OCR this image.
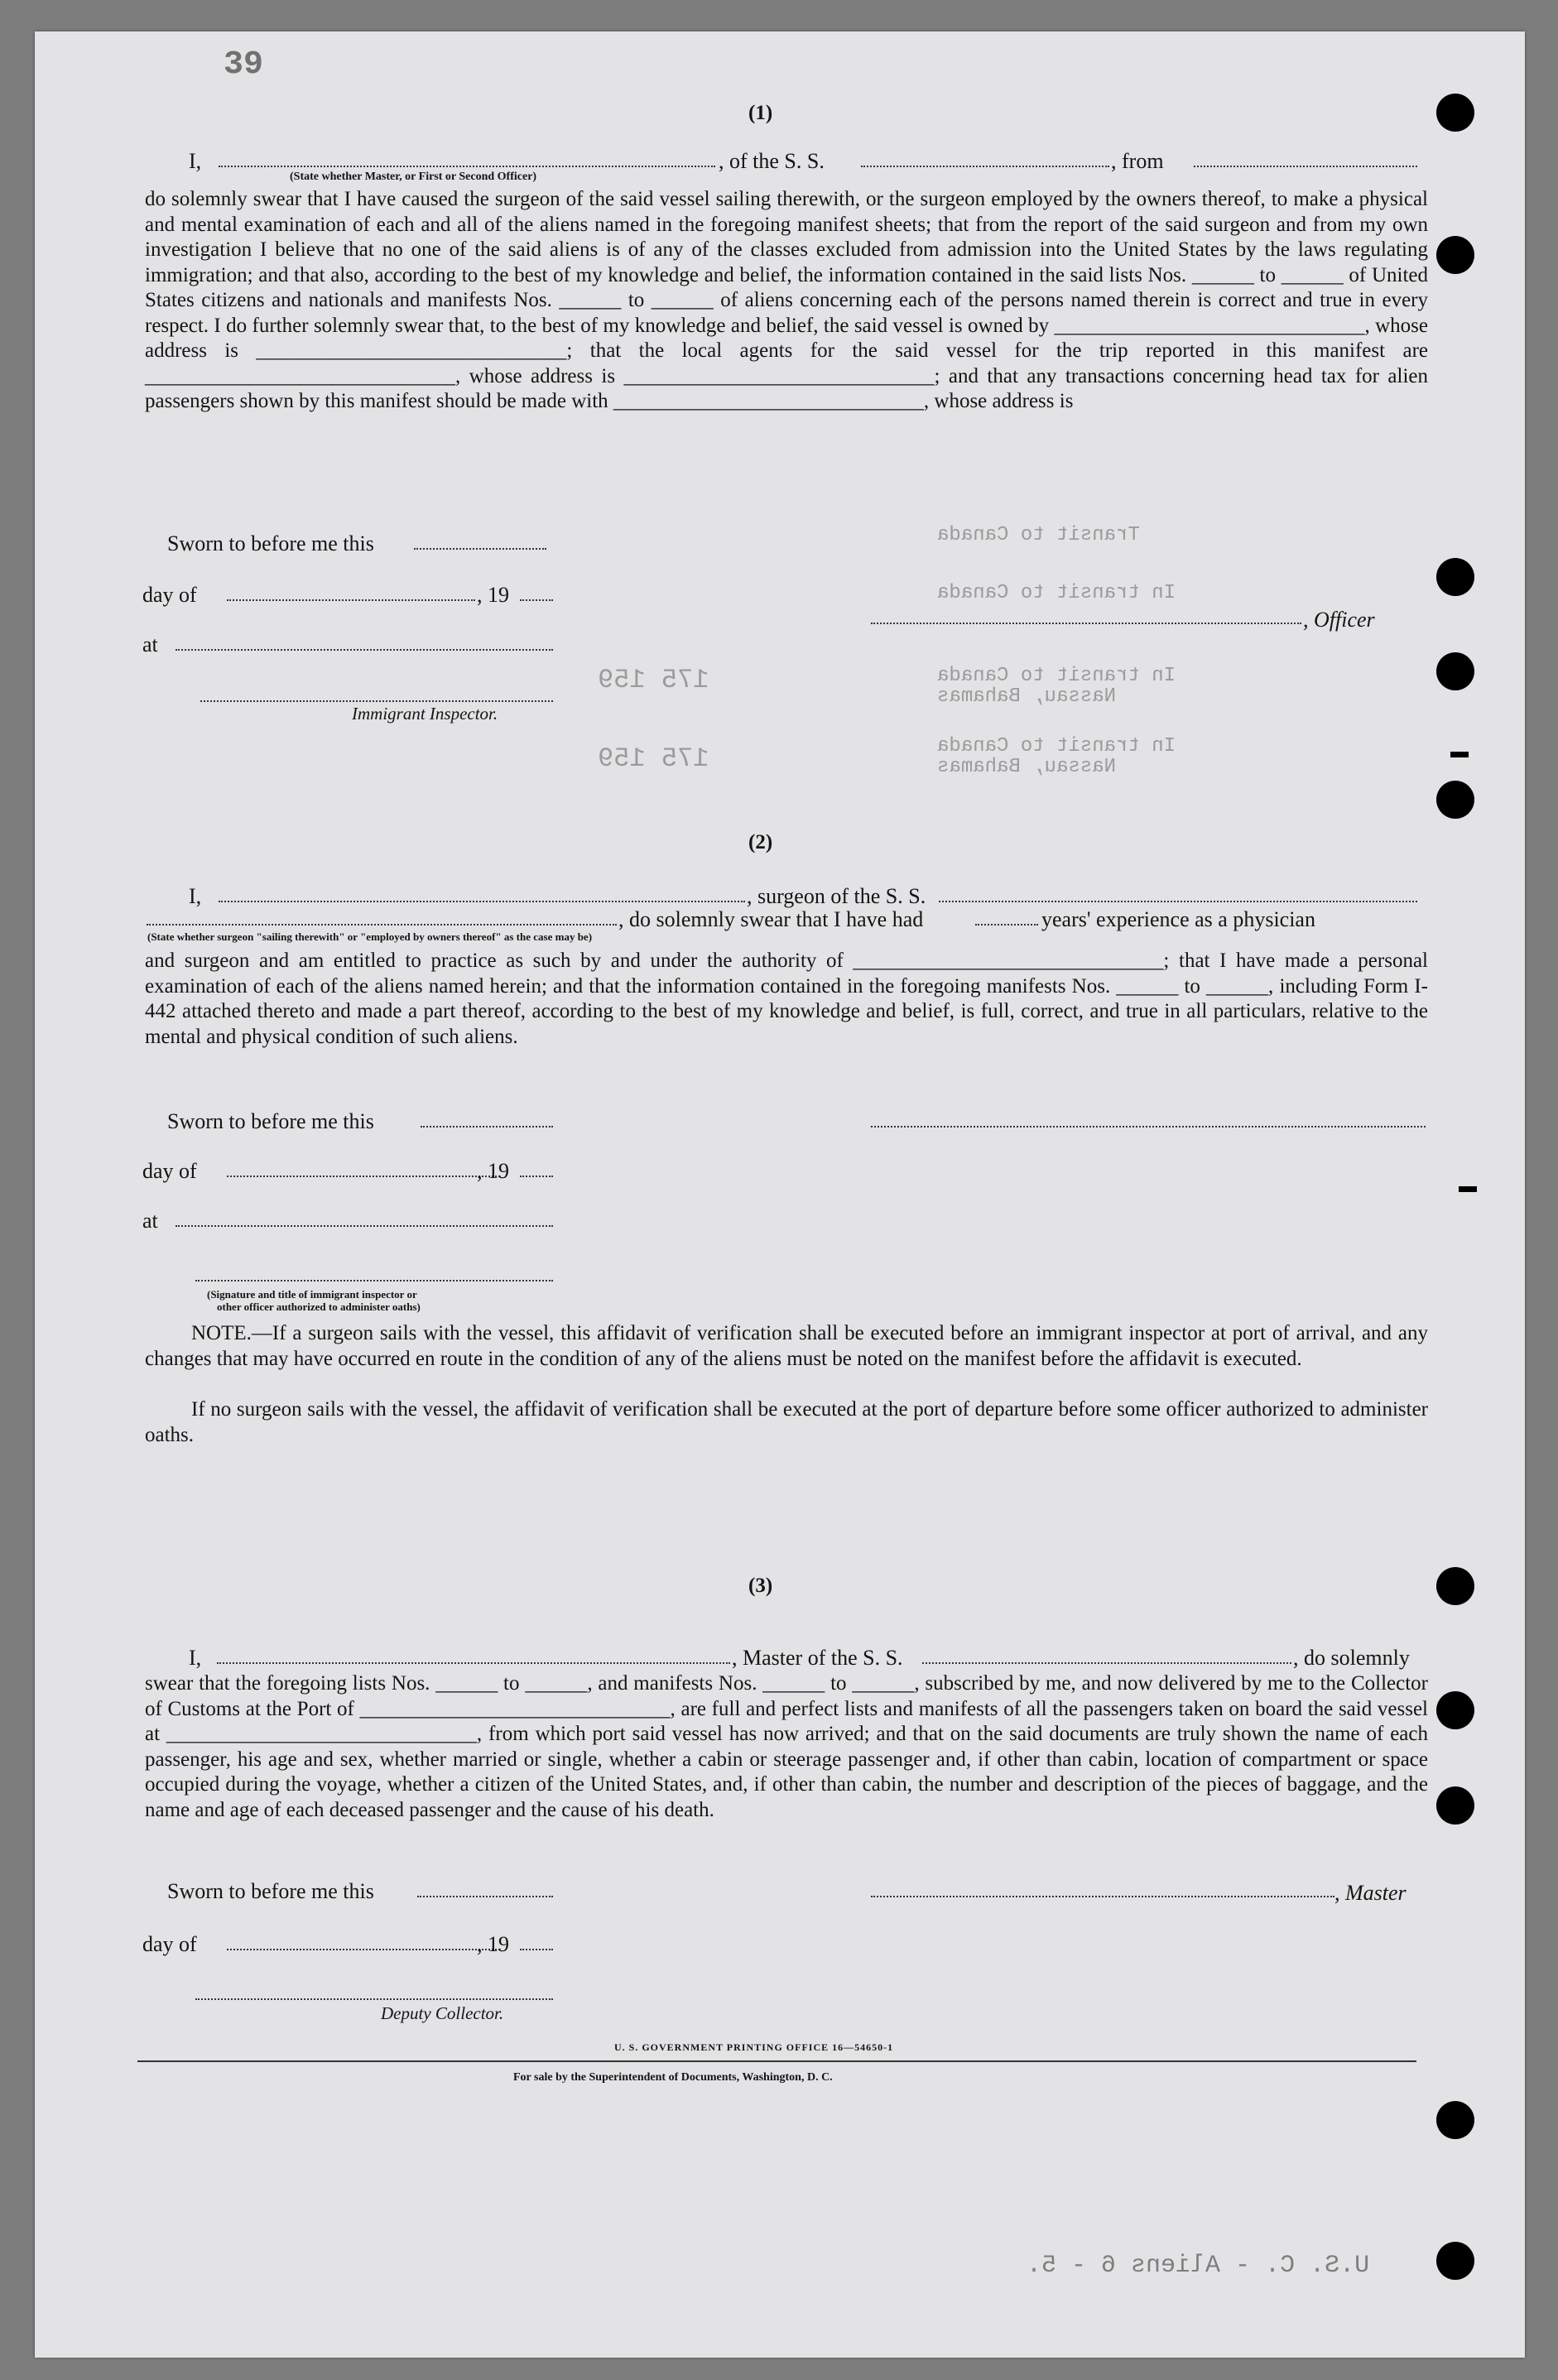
39
(1)
I,	, of the S. S.	, from
(State whether Master, or First or Second Officer)
do solemnly swear that I have caused the surgeon of the said vessel sailing therewith, or the surgeon employed by the owners thereof, to make a physical and mental examination of each and all of the aliens named in the foregoing manifest sheets; that from the report of the said surgeon and from my own investigation I believe that no one of the said aliens is of any of the classes excluded from admission into the United States by the laws regulating immigration; and that also, according to the best of my knowledge and belief, the information contained in the said lists Nos. ______ to ______ of United States citizens and nationals and manifests Nos. ______ to ______ of aliens concerning each of the persons named therein is correct and true in every respect. I do further solemnly swear that, to the best of my knowledge and belief, the said vessel is owned by ______________________________, whose address is ______________________________; that the local agents for the said vessel for the trip reported in this manifest are ______________________________, whose address is ______________________________; and that any transactions concerning head tax for alien passengers shown by this manifest should be made with ______________________________, whose address is
Sworn to before me this
day of	, 19
at
Immigrant Inspector.
, Officer
Transit to Canada
In transit to Canada
In transit to Canada
Nassau, Bahamas
In transit to Canada
Nassau, Bahamas
175 159
175 159
(2)
I,	, surgeon of the S. S.
, do solemnly swear that I have had	years' experience as a physician
(State whether surgeon "sailing therewith" or "employed by owners thereof" as the case may be)
and surgeon and am entitled to practice as such by and under the authority of ______________________________; that I have made a personal examination of each of the aliens named herein; and that the information contained in the foregoing manifests Nos. ______ to ______, including Form I-442 attached thereto and made a part thereof, according to the best of my knowledge and belief, is full, correct, and true in all particulars, relative to the mental and physical condition of such aliens.
Sworn to before me this
day of	, 19
at
(Signature and title of immigrant inspector or
other officer authorized to administer oaths)
NOTE.—If a surgeon sails with the vessel, this affidavit of verification shall be executed before an immigrant inspector at port of arrival, and any changes that may have occurred en route in the condition of any of the aliens must be noted on the manifest before the affidavit is executed.
If no surgeon sails with the vessel, the affidavit of verification shall be executed at the port of departure before some officer authorized to administer oaths.
(3)
I,	, Master of the S. S.	, do solemnly
swear that the foregoing lists Nos. ______ to ______, and manifests Nos. ______ to ______, subscribed by me, and now delivered by me to the Collector of Customs at the Port of ______________________________, are full and perfect lists and manifests of all the passengers taken on board the said vessel at ______________________________, from which port said vessel has now arrived; and that on the said documents are truly shown the name of each passenger, his age and sex, whether married or single, whether a cabin or steerage passenger and, if other than cabin, location of compartment or space occupied during the voyage, whether a citizen of the United States, and, if other than cabin, the number and description of the pieces of baggage, and the name and age of each deceased passenger and the cause of his death.
Sworn to before me this	, Master
day of	, 19
Deputy Collector.
U. S. GOVERNMENT PRINTING OFFICE 16—54650-1
For sale by the Superintendent of Documents, Washington, D. C.
U.S. C. - Aliens 6 - 5.
